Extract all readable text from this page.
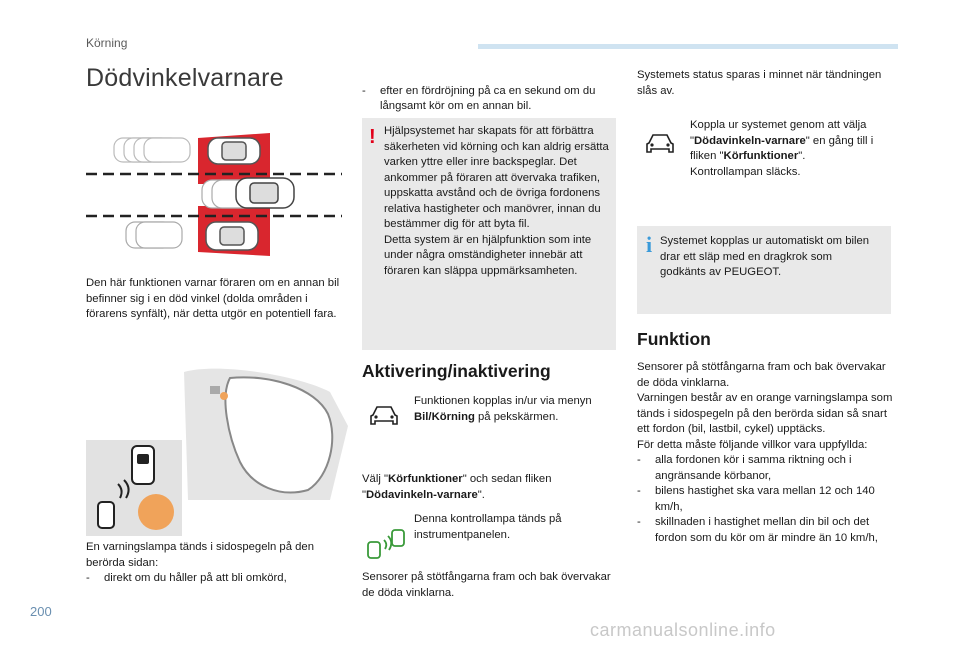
Körning
Dödvinkelvarnare
Den här funktionen varnar föraren om en annan bil befinner sig i en död vinkel (dolda områden i förarens synfält), när detta utgör en potentiell fara.
En varningslampa tänds i sidospegeln på den berörda sidan:
- direkt om du håller på att bli omkörd,
- efter en fördröjning på ca en sekund om du långsamt kör om en annan bil.
! Hjälpsystemet har skapats för att förbättra säkerheten vid körning och kan aldrig ersätta varken yttre eller inre backspeglar. Det ankommer på föraren att övervaka trafiken, uppskatta avstånd och de övriga fordonens relativa hastigheter och manövrer, innan du bestämmer dig för att byta fil.
Detta system är en hjälpfunktion som inte under några omständigheter innebär att föraren kan släppa uppmärksamheten.
Aktivering/inaktivering
Funktionen kopplas in/ur via menyn Bil/Körning på pekskärmen.
Välj "Körfunktioner" och sedan fliken "Dödavinkeln-varnare".
Denna kontrollampa tänds på instrumentpanelen.
Sensorer på stötfångarna fram och bak övervakar de döda vinklarna.
Systemets status sparas i minnet när tändningen slås av.
Koppla ur systemet genom att välja "Dödavinkeln-varnare" en gång till i fliken "Körfunktioner".
Kontrollampan släcks.
i Systemet kopplas ur automatiskt om bilen drar ett släp med en dragkrok som godkänts av PEUGEOT.
Funktion
Sensorer på stötfångarna fram och bak övervakar de döda vinklarna.
Varningen består av en orange varningslampa som tänds i sidospegeln på den berörda sidan så snart ett fordon (bil, lastbil, cykel) upptäcks.
För detta måste följande villkor vara uppfyllda:
- alla fordonen kör i samma riktning och i angränsande körbanor,
- bilens hastighet ska vara mellan 12 och 140 km/h,
- skillnaden i hastighet mellan din bil och det fordon som du kör om är mindre än 10 km/h,
200
carmanualsonline.info
